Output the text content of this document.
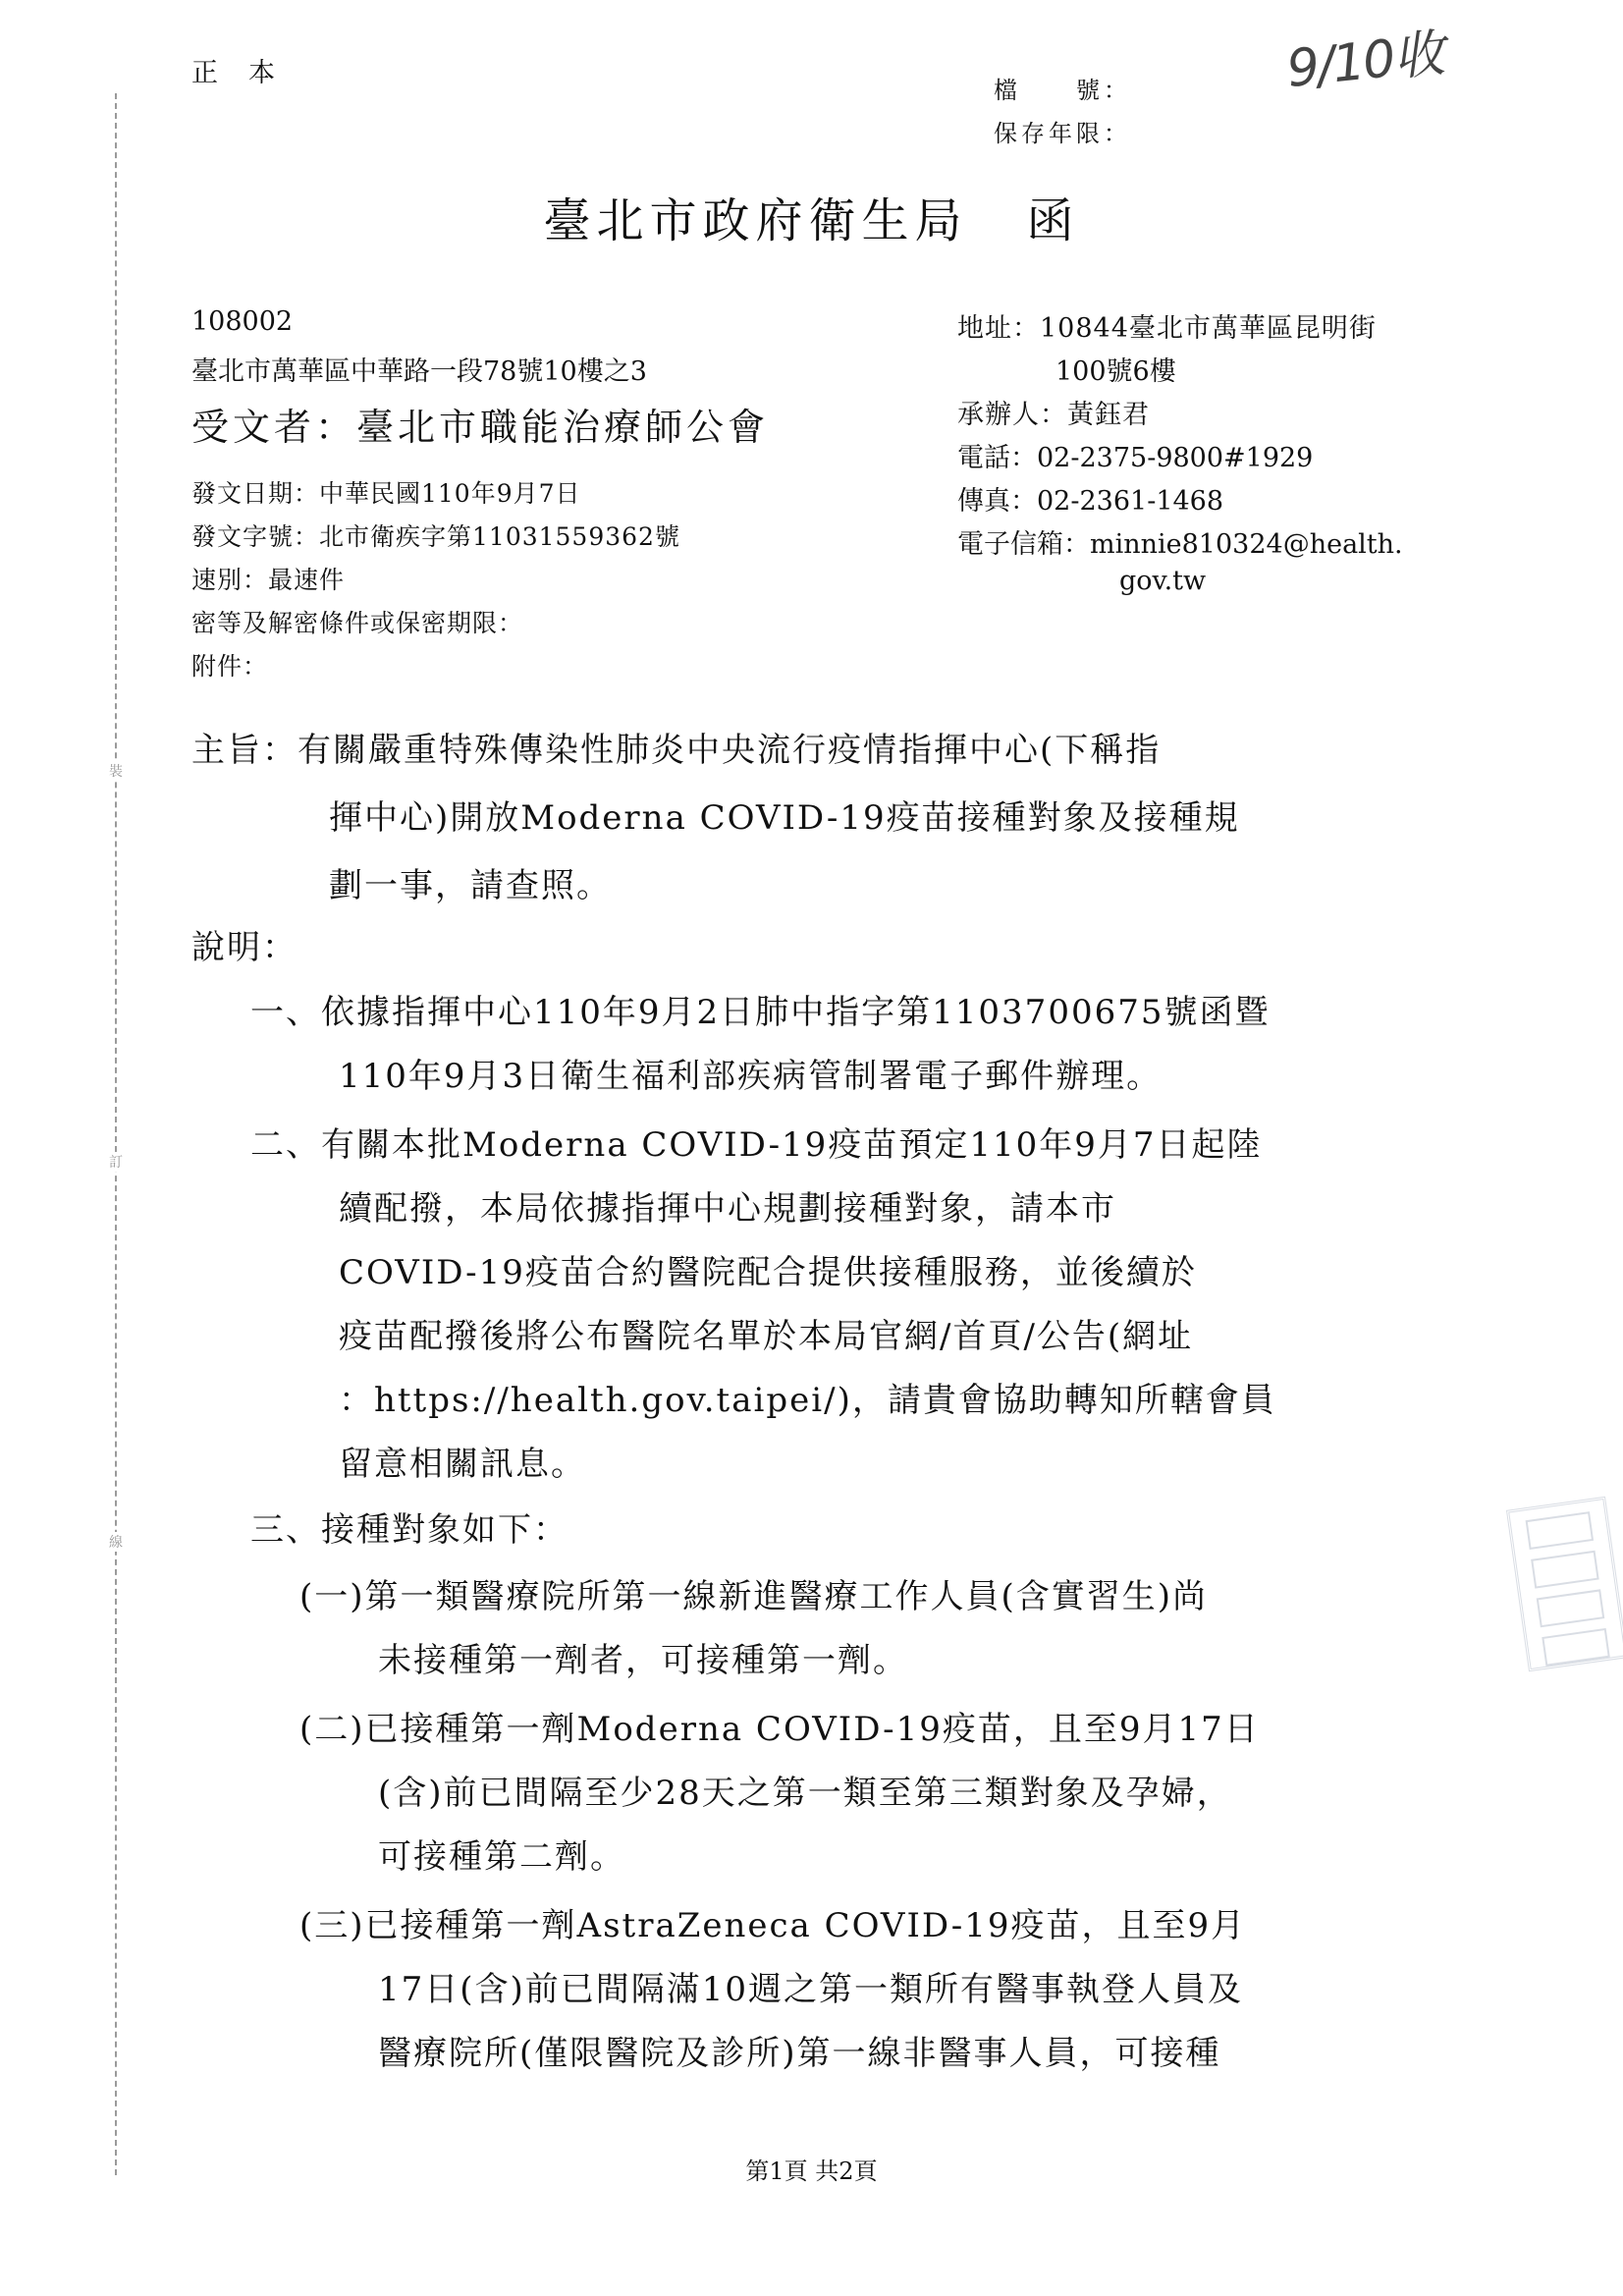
裝
訂
線
正　本
檔　　號：
保存年限：
9/10收
臺北市政府衛生局 函
108002
臺北市萬華區中華路一段78號10樓之3
受文者：臺北市職能治療師公會
地址：10844臺北市萬華區昆明街
100號6樓
承辦人：黃鈺君
電話：02-2375-9800#1929
傳真：02-2361-1468
電子信箱：minnie810324@health.
gov.tw
發文日期：中華民國110年9月7日
發文字號：北市衛疾字第11031559362號
速別：最速件
密等及解密條件或保密期限：
附件：
主旨：有關嚴重特殊傳染性肺炎中央流行疫情指揮中心(下稱指
揮中心)開放Moderna COVID-19疫苗接種對象及接種規
劃一事，請查照。
說明：
一、依據指揮中心110年9月2日肺中指字第1103700675號函暨
110年9月3日衛生福利部疾病管制署電子郵件辦理。
二、有關本批Moderna COVID-19疫苗預定110年9月7日起陸
續配撥，本局依據指揮中心規劃接種對象，請本市
COVID-19疫苗合約醫院配合提供接種服務，並後續於
疫苗配撥後將公布醫院名單於本局官網/首頁/公告(網址
：https://health.gov.taipei/)，請貴會協助轉知所轄會員
留意相關訊息。
三、接種對象如下：
(一)第一類醫療院所第一線新進醫療工作人員(含實習生)尚
未接種第一劑者，可接種第一劑。
(二)已接種第一劑Moderna COVID-19疫苗，且至9月17日
(含)前已間隔至少28天之第一類至第三類對象及孕婦，
可接種第二劑。
(三)已接種第一劑AstraZeneca COVID-19疫苗，且至9月
17日(含)前已間隔滿10週之第一類所有醫事執登人員及
醫療院所(僅限醫院及診所)第一線非醫事人員，可接種
第1頁 共2頁
